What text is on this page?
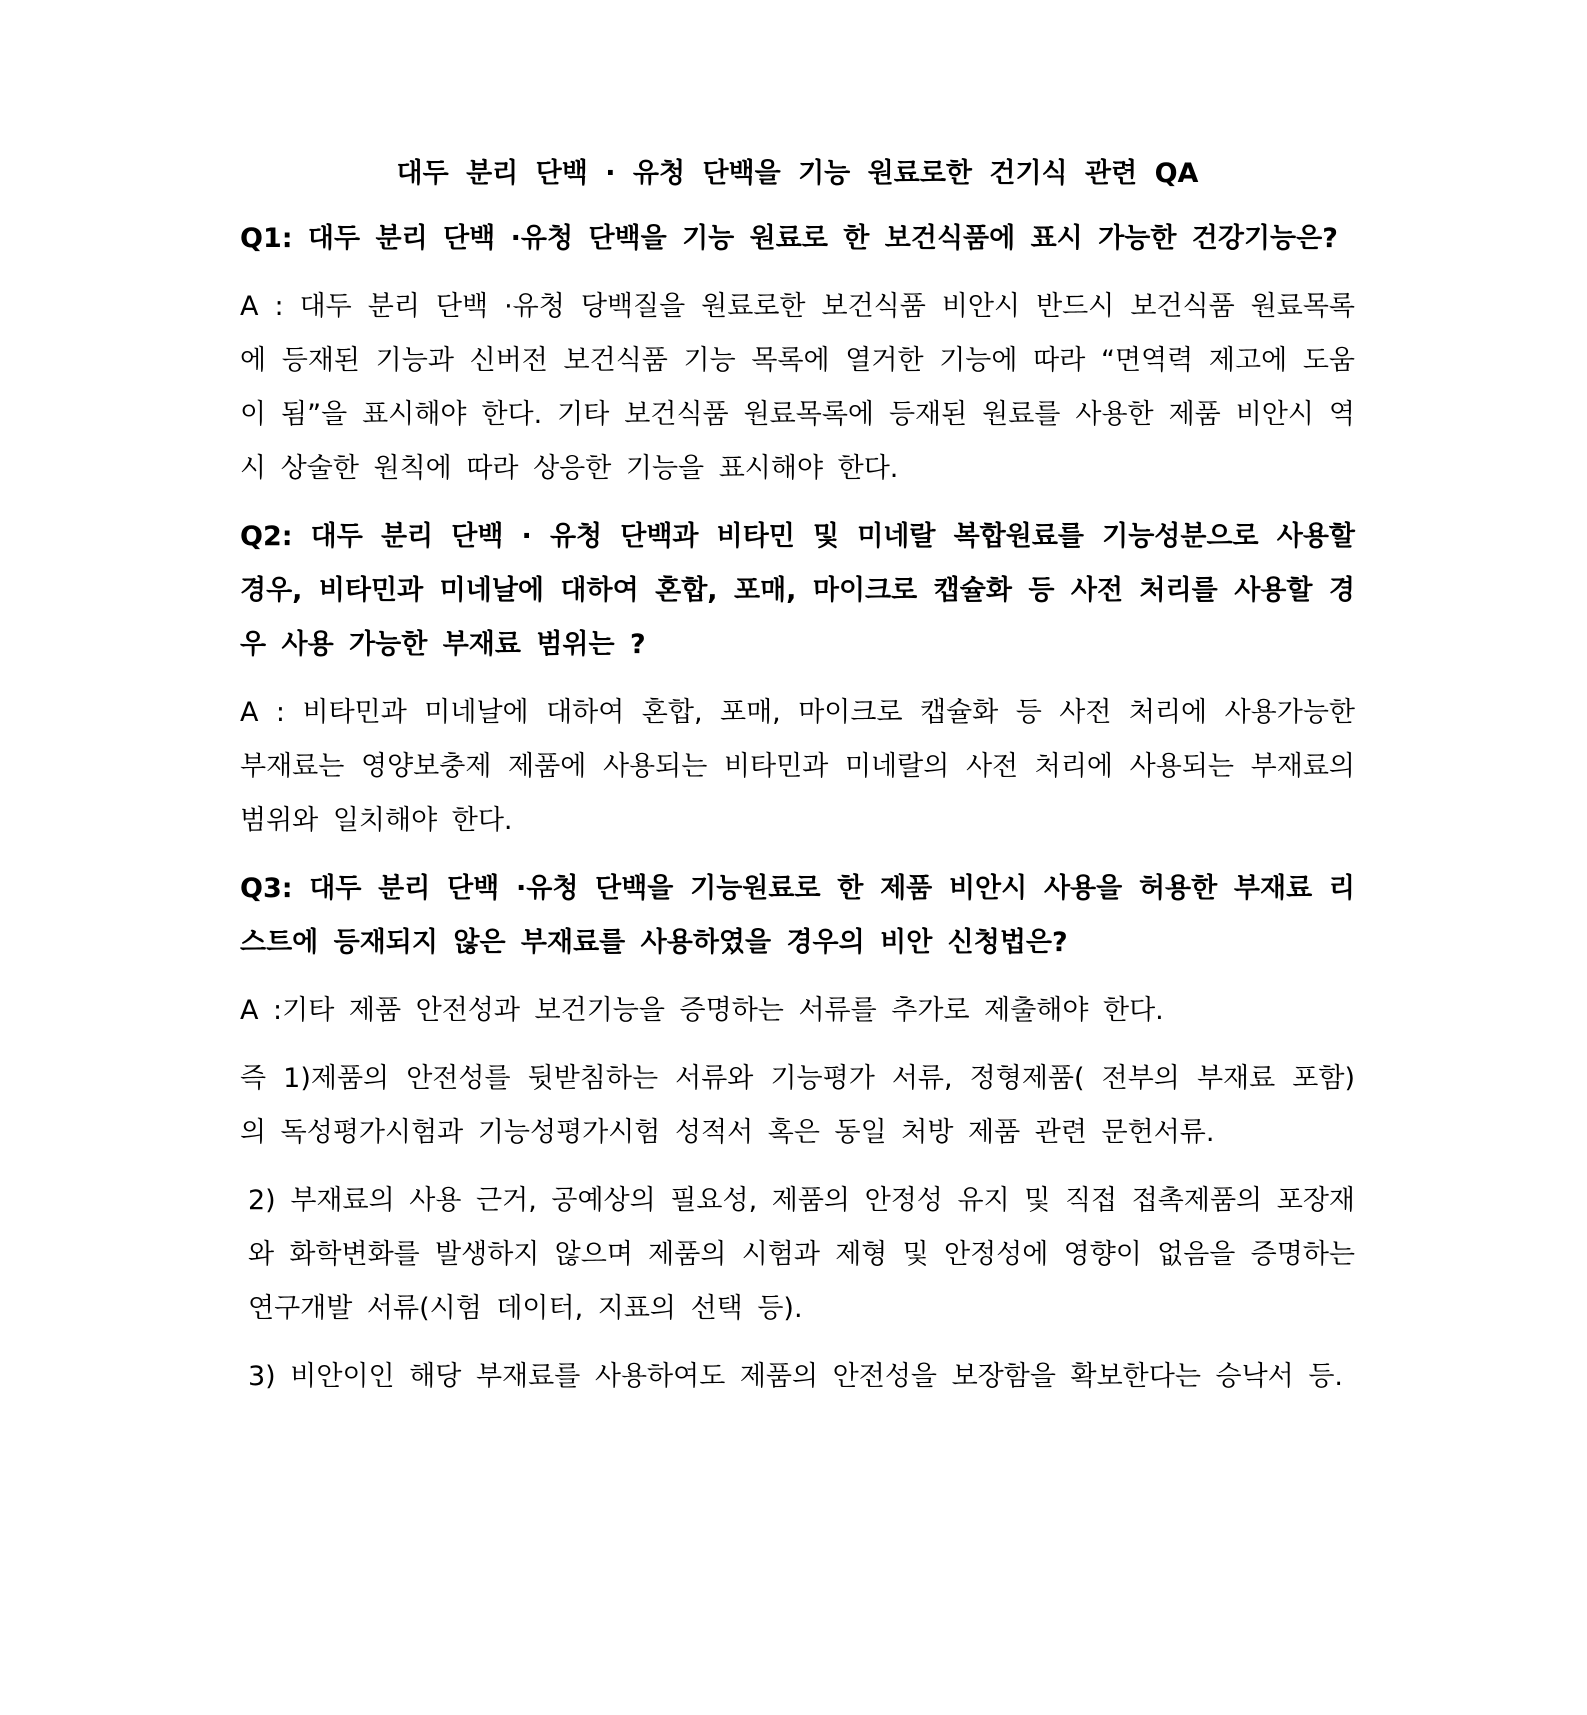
대두 분리 단백 · 유청 단백을 기능 원료로한 건기식 관련 QA

Q1: 대두 분리 단백 ·유청 단백을 기능 원료로 한 보건식품에 표시 가능한 건강기능은?

A : 대두 분리 단백 ·유청 당백질을 원료로한 보건식품 비안시 반드시 보건식품 원료목록에 등재된 기능과 신버전 보건식품 기능 목록에 열거한 기능에 따라 “면역력 제고에 도움이 됨”을 표시해야 한다. 기타 보건식품 원료목록에 등재된 원료를 사용한 제품 비안시 역시 상술한 원칙에 따라 상응한 기능을 표시해야 한다.

Q2: 대두 분리 단백 · 유청 단백과 비타민 및 미네랄 복합원료를 기능성분으로 사용할 경우, 비타민과 미네날에 대하여 혼합, 포매, 마이크로 캡슐화 등 사전 처리를 사용할 경우 사용 가능한 부재료 범위는 ?

A : 비타민과 미네날에 대하여 혼합, 포매, 마이크로 캡슐화 등 사전 처리에 사용가능한 부재료는 영양보충제 제품에 사용되는 비타민과 미네랄의 사전 처리에 사용되는 부재료의 범위와 일치해야 한다.

Q3: 대두 분리 단백 ·유청 단백을 기능원료로 한 제품 비안시 사용을 허용한 부재료 리스트에 등재되지 않은 부재료를 사용하였을 경우의 비안 신청법은?

A :기타 제품 안전성과 보건기능을 증명하는 서류를 추가로 제출해야 한다.

즉 1)제품의 안전성를 뒷받침하는 서류와 기능평가 서류, 정형제품( 전부의 부재료 포함)의 독성평가시험과 기능성평가시험 성적서 혹은 동일 처방 제품 관련 문헌서류.

2) 부재료의 사용 근거, 공예상의 필요성, 제품의 안정성 유지 및 직접 접촉제품의 포장재와 화학변화를 발생하지 않으며 제품의 시험과 제형 및 안정성에 영향이 없음을 증명하는 연구개발 서류(시험 데이터, 지표의 선택 등).

3) 비안이인 해당 부재료를 사용하여도 제품의 안전성을 보장함을 확보한다는 승낙서 등.
